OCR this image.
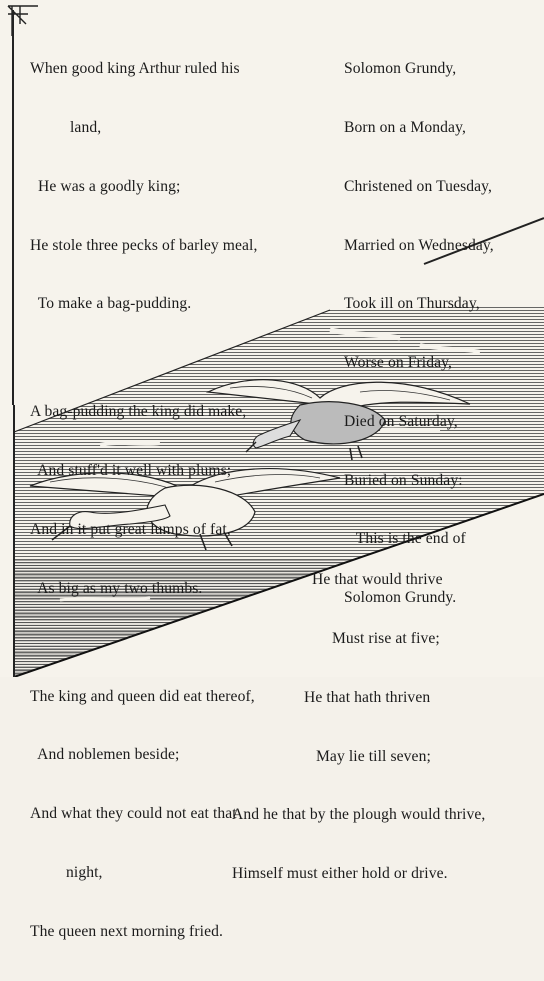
When good king Arthur ruled his

land,

He was a goodly king;

He stole three pecks of barley meal,

To make a bag-pudding.

A bag-pudding the king did make,

And stuff'd it well with plums;

And in it put great lumps of fat,

As big as my two thumbs.

The king and queen did eat thereof,

And noblemen beside;

And what they could not eat that

night,

The queen next morning fried.

Solomon Grundy,

Born on a Monday,

Christened on Tuesday,

Married on Wednesday,

Took ill on Thursday,

Worse on Friday,

Died on Saturday,

Buried on Sunday:

This is the end of

Solomon Grundy.

He that would thrive

Must rise at five;

He that hath thriven

May lie till seven;

And he that by the plough would thrive,

Himself must either hold or drive.
